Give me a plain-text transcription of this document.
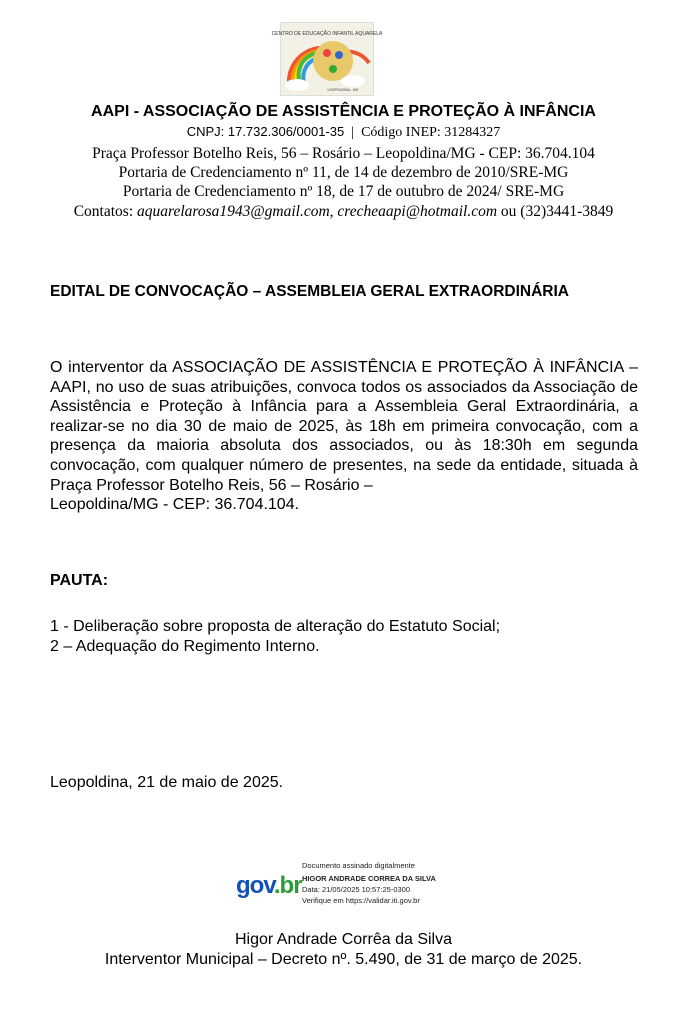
CENTRO DE EDUCAÇÃO INFANTIL AQUARELA
LEOPOLDINA - MG
AAPI - ASSOCIAÇÃO DE ASSISTÊNCIA E PROTEÇÃO À INFÂNCIA
CNPJ: 17.732.306/0001-35 | Código INEP: 31284327
Praça Professor Botelho Reis, 56 – Rosário – Leopoldina/MG - CEP: 36.704.104
Portaria de Credenciamento nº 11, de 14 de dezembro de 2010/SRE-MG
Portaria de Credenciamento nº 18, de 17 de outubro de 2024/ SRE-MG
Contatos: aquarelarosa1943@gmail.com, crecheaapi@hotmail.com ou (32)3441-3849
EDITAL DE CONVOCAÇÃO – ASSEMBLEIA GERAL EXTRAORDINÁRIA
O interventor da ASSOCIAÇÃO DE ASSISTÊNCIA E PROTEÇÃO À INFÂNCIA – AAPI, no uso de suas atribuições, convoca todos os associados da Associação de Assistência e Proteção à Infância para a Assembleia Geral Extraordinária, a realizar-se no dia 30 de maio de 2025, às 18h em primeira convocação, com a presença da maioria absoluta dos associados, ou às 18:30h em segunda convocação, com qualquer número de presentes, na sede da entidade, situada à Praça Professor Botelho Reis, 56 – Rosário –
Leopoldina/MG - CEP: 36.704.104.
PAUTA:
1 - Deliberação sobre proposta de alteração do Estatuto Social;
2 – Adequação do Regimento Interno.
Leopoldina, 21 de maio de 2025.
gov.br
Documento assinado digitalmente
HIGOR ANDRADE CORREA DA SILVA
Data: 21/05/2025 10:57:25-0300
Verifique em https://validar.iti.gov.br
Higor Andrade Corrêa da Silva
Interventor Municipal – Decreto nº. 5.490, de 31 de março de 2025.
